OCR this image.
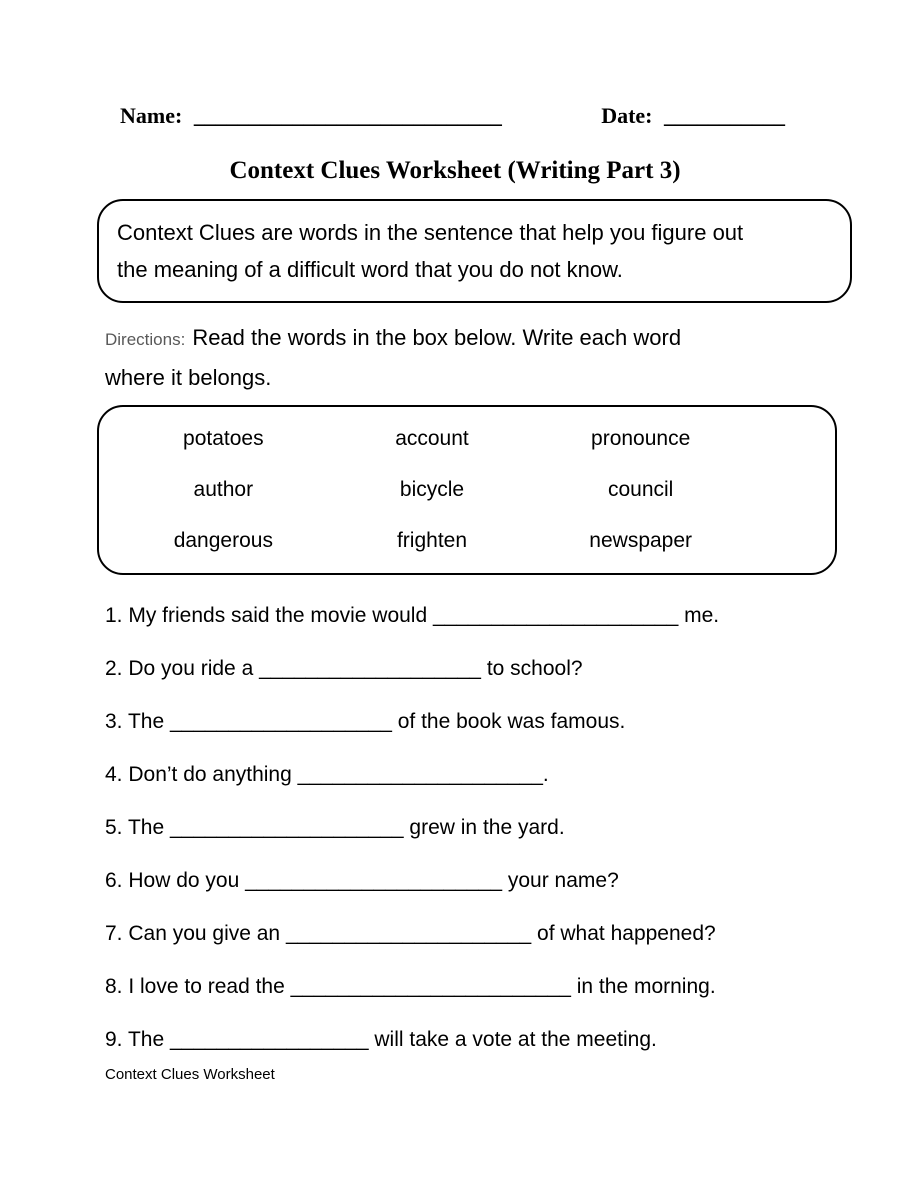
Name: ____________________________	Date: ___________
Context Clues Worksheet (Writing Part 3)
Context Clues are words in the sentence that help you figure out
the meaning of a difficult word that you do not know.

Directions: Read the words in the box below. Write each word
where it belongs.

potatoes	account	pronounce
author	bicycle	council
dangerous	frighten	newspaper
1. My friends said the movie would _____________________ me.
2. Do you ride a ___________________ to school?
3. The ___________________ of the book was famous.
4. Don’t do anything _____________________.
5. The ____________________ grew in the yard.
6. How do you ______________________ your name?
7. Can you give an _____________________ of what happened?
8. I love to read the ________________________ in the morning.
9. The _________________ will take a vote at the meeting.
Context Clues Worksheet
